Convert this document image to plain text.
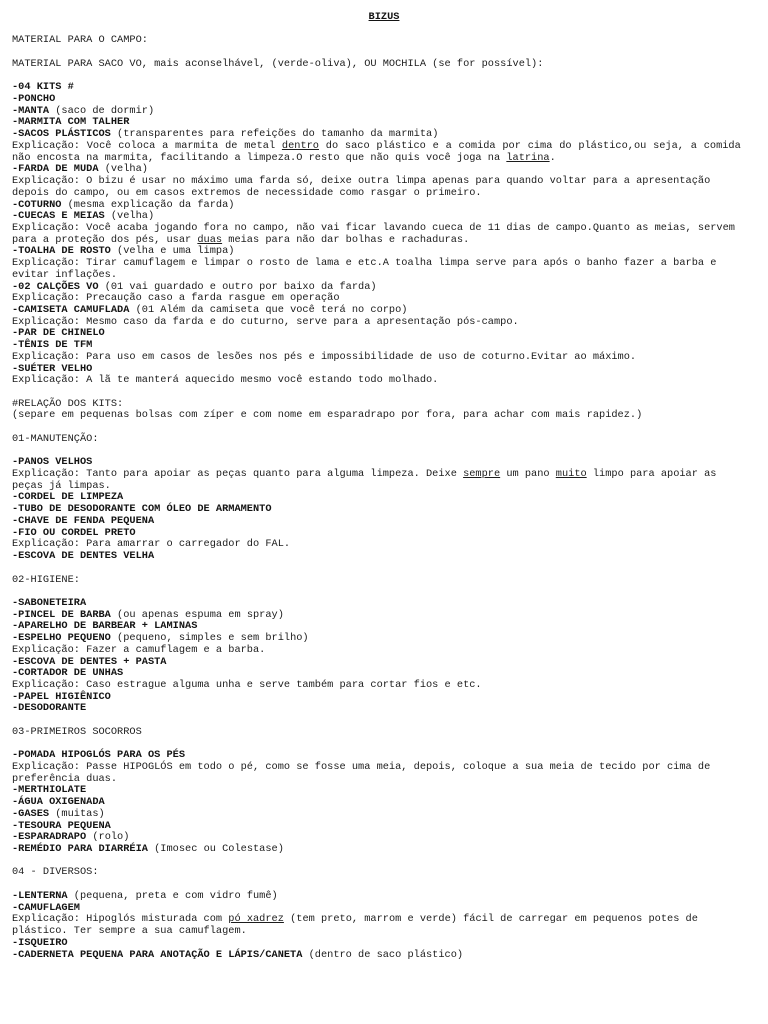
BIZUS
MATERIAL PARA O CAMPO:
MATERIAL PARA SACO VO, mais aconselhável, (verde-oliva), OU MOCHILA (se for possível):
-04 KITS #
-PONCHO
-MANTA (saco de dormir)
-MARMITA COM TALHER
-SACOS PLÁSTICOS (transparentes para refeições do tamanho da marmita)
Explicação: Você coloca a marmita de metal dentro do saco plástico e a comida por cima do plástico,ou seja, a comida
não encosta na marmita, facilitando a limpeza.O resto que não quis você joga na latrina.
-FARDA DE MUDA (velha)
Explicação: O bizu é usar no máximo uma farda só, deixe outra limpa apenas para quando voltar para a apresentação
depois do campo, ou em casos extremos de necessidade como rasgar o primeiro.
-COTURNO (mesma explicação da farda)
-CUECAS E MEIAS (velha)
Explicação: Você acaba jogando fora no campo, não vai ficar lavando cueca de 11 dias de campo.Quanto as meias, servem
para a proteção dos pés, usar duas meias para não dar bolhas e rachaduras.
-TOALHA DE ROSTO (velha e uma limpa)
Explicação: Tirar camuflagem e limpar o rosto de lama e etc.A toalha limpa serve para após o banho fazer a barba e
evitar inflações.
-02 CALÇÕES VO (01 vai guardado e outro por baixo da farda)
Explicação: Precaução caso a farda rasgue em operação
-CAMISETA CAMUFLADA (01 Além da camiseta que você terá no corpo)
Explicação: Mesmo caso da farda e do cuturno, serve para a apresentação pós-campo.
-PAR DE CHINELO
-TÊNIS DE TFM
Explicação: Para uso em casos de lesões nos pés e impossibilidade de uso de coturno.Evitar ao máximo.
-SUÉTER VELHO
Explicação: A lã te manterá aquecido mesmo você estando todo molhado.
#RELAÇÃO DOS KITS:
(separe em pequenas bolsas com zíper e com nome em esparadrapo por fora, para achar com mais rapidez.)
01-MANUTENÇÃO:
-PANOS VELHOS
Explicação: Tanto para apoiar as peças quanto para alguma limpeza. Deixe sempre um pano muito limpo para apoiar as
peças já limpas.
-CORDEL DE LIMPEZA
-TUBO DE DESODORANTE COM ÓLEO DE ARMAMENTO
-CHAVE DE FENDA PEQUENA
-FIO OU CORDEL PRETO
Explicação: Para amarrar o carregador do FAL.
-ESCOVA DE DENTES VELHA
02-HIGIENE:
-SABONETEIRA
-PINCEL DE BARBA (ou apenas espuma em spray)
-APARELHO DE BARBEAR + LAMINAS
-ESPELHO PEQUENO (pequeno, simples e sem brilho)
Explicação: Fazer a camuflagem e a barba.
-ESCOVA DE DENTES + PASTA
-CORTADOR DE UNHAS
Explicação: Caso estrague alguma unha e serve também para cortar fios e etc.
-PAPEL HIGIÊNICO
-DESODORANTE
03-PRIMEIROS SOCORROS
-POMADA HIPOGLÓS PARA OS PÉS
Explicação: Passe HIPOGLÓS em todo o pé, como se fosse uma meia, depois, coloque a sua meia de tecido por cima de
preferência duas.
-MERTHIOLATE
-ÁGUA OXIGENADA
-GASES (muitas)
-TESOURA PEQUENA
-ESPARADRAPO (rolo)
-REMÉDIO PARA DIARRÉIA (Imosec ou Colestase)
04 - DIVERSOS:
-LENTERNA (pequena, preta e com vidro fumê)
-CAMUFLAGEM
Explicação: Hipoglós misturada com pó xadrez (tem preto, marrom e verde) fácil de carregar em pequenos potes de
plástico. Ter sempre a sua camuflagem.
-ISQUEIRO
-CADERNETA PEQUENA PARA ANOTAÇÃO E LÁPIS/CANETA (dentro de saco plástico)
